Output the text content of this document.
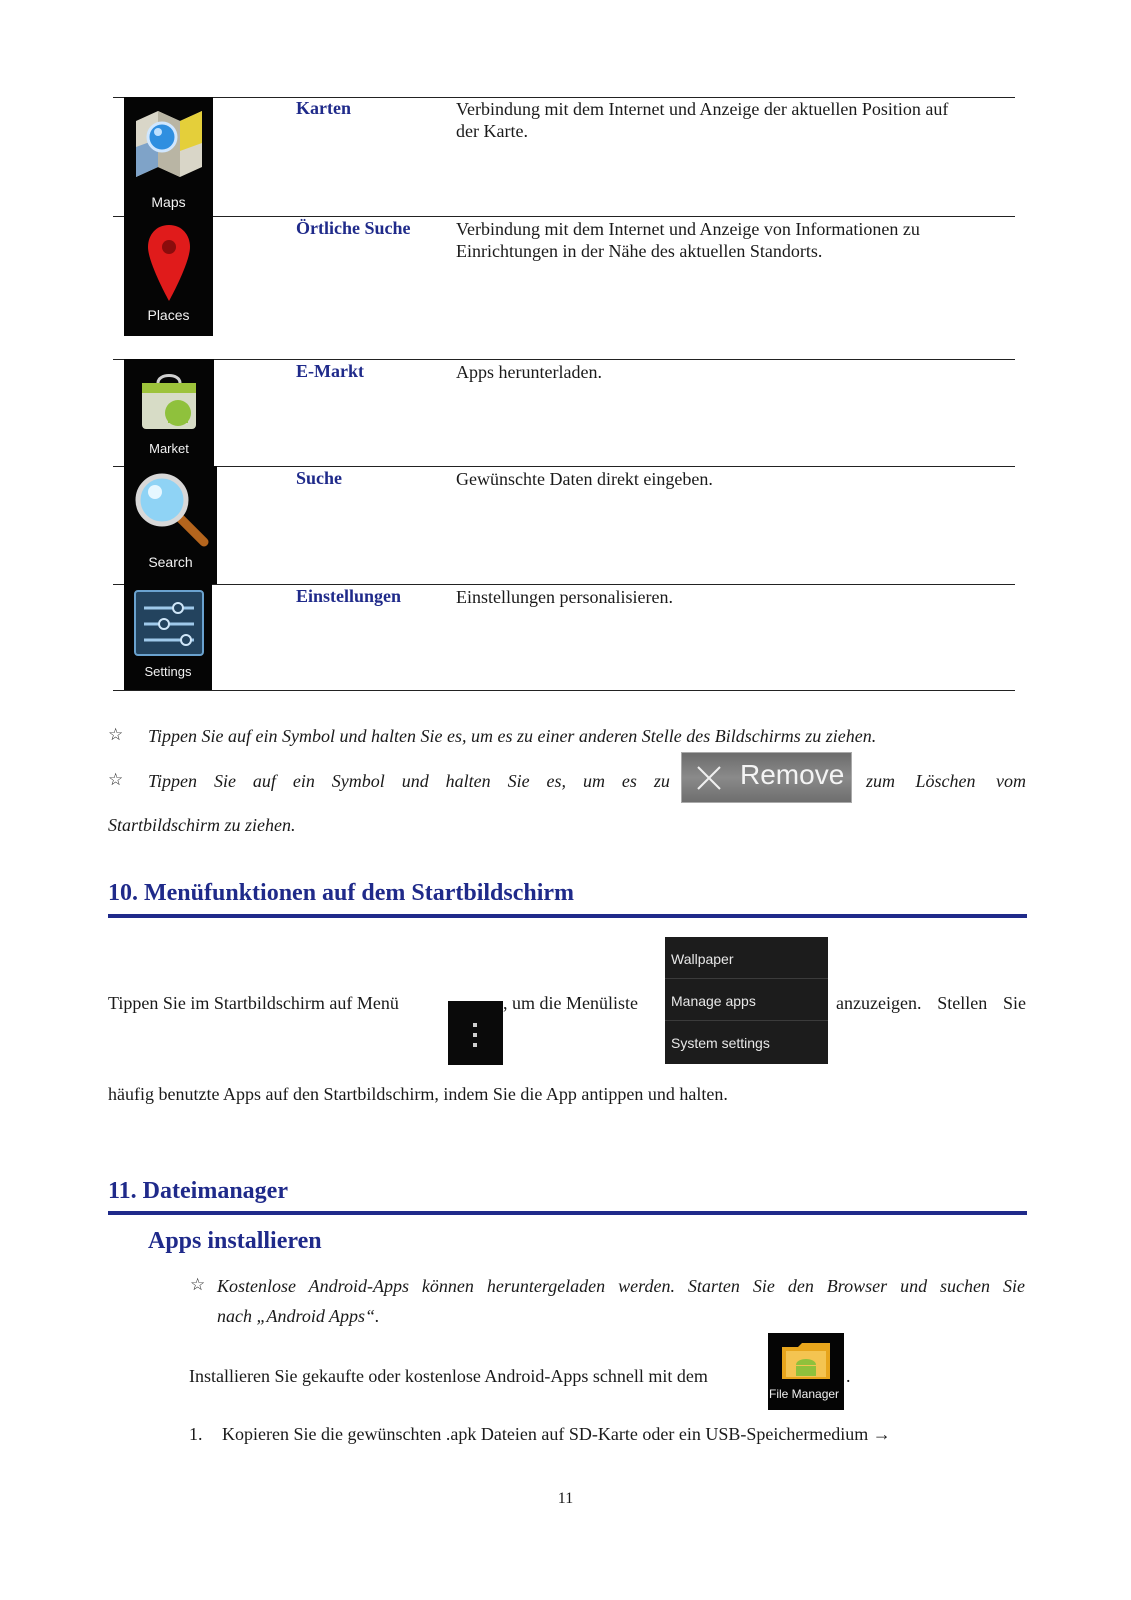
Maps
Places
Market
Search
Settings
Karten
Örtliche Suche
E-Markt
Suche
Einstellungen
Verbindung mit dem Internet und Anzeige der aktuellen Position auf
der Karte.
Verbindung mit dem Internet und Anzeige von Informationen zu
Einrichtungen in der Nähe des aktuellen Standorts.
Apps herunterladen.
Gewünschte Daten direkt eingeben.
Einstellungen personalisieren.
☆ Tippen Sie auf ein Symbol und halten Sie es, um es zu einer anderen Stelle des Bildschirms zu ziehen.
☆ Tippen Sie auf ein Symbol und halten Sie es, um es zu	Remove zum Löschen vom
Startbildschirm zu ziehen.
10. Menüfunktionen auf dem Startbildschirm
Tippen Sie im Startbildschirm auf Menü	, um die Menüliste
Wallpaper
Manage apps
System settings
anzuzeigen. Stellen Sie
häufig benutzte Apps auf den Startbildschirm, indem Sie die App antippen und halten.
11. Dateimanager
Apps installieren
☆ Kostenlose Android-Apps können heruntergeladen werden. Starten Sie den Browser und suchen Sie
nach „Android Apps“.
Installieren Sie gekaufte oder kostenlose Android-Apps schnell mit dem
File Manager
.
1. Kopieren Sie die gewünschten .apk Dateien auf SD-Karte oder ein USB-Speichermedium →
11
